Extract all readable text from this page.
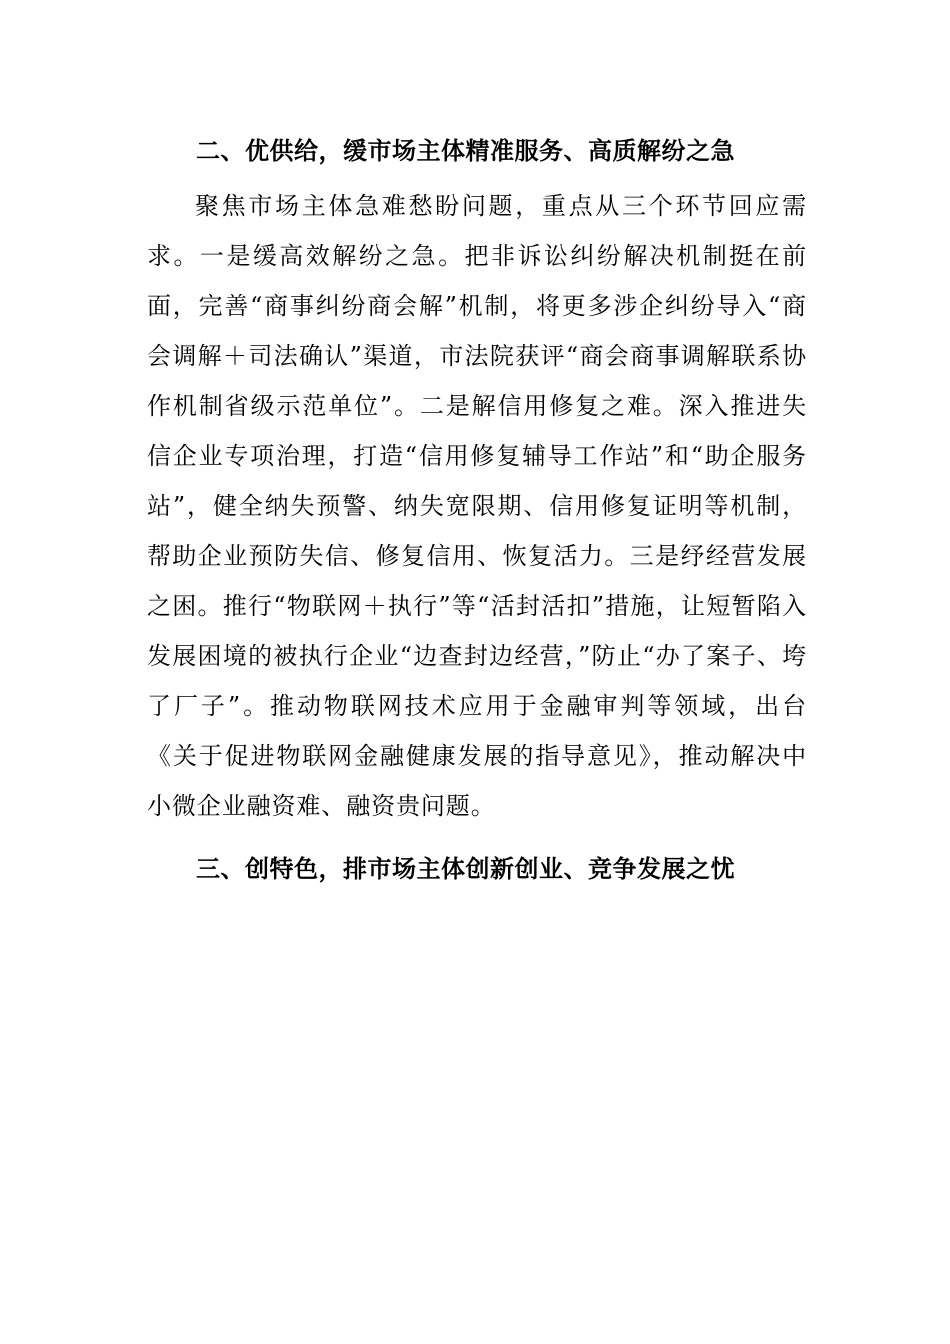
二、优供给，缓市场主体精准服务、高质解纷之急

聚焦市场主体急难愁盼问题，重点从三个环节回应需求。一是缓高效解纷之急。把非诉讼纠纷解决机制挺在前面，完善“商事纠纷商会解”机制，将更多涉企纠纷导入“商会调解＋司法确认”渠道，市法院获评“商会商事调解联系协作机制省级示范单位”。二是解信用修复之难。深入推进失信企业专项治理，打造“信用修复辅导工作站”和“助企服务站”，健全纳失预警、纳失宽限期、信用修复证明等机制，帮助企业预防失信、修复信用、恢复活力。三是纾经营发展之困。推行“物联网＋执行”等“活封活扣”措施，让短暂陷入发展困境的被执行企业“边查封边经营，”防止“办了案子、垮了厂子”。推动物联网技术应用于金融审判等领域，出台《关于促进物联网金融健康发展的指导意见》，推动解决中小微企业融资难、融资贵问题。

三、创特色，排市场主体创新创业、竞争发展之忧
